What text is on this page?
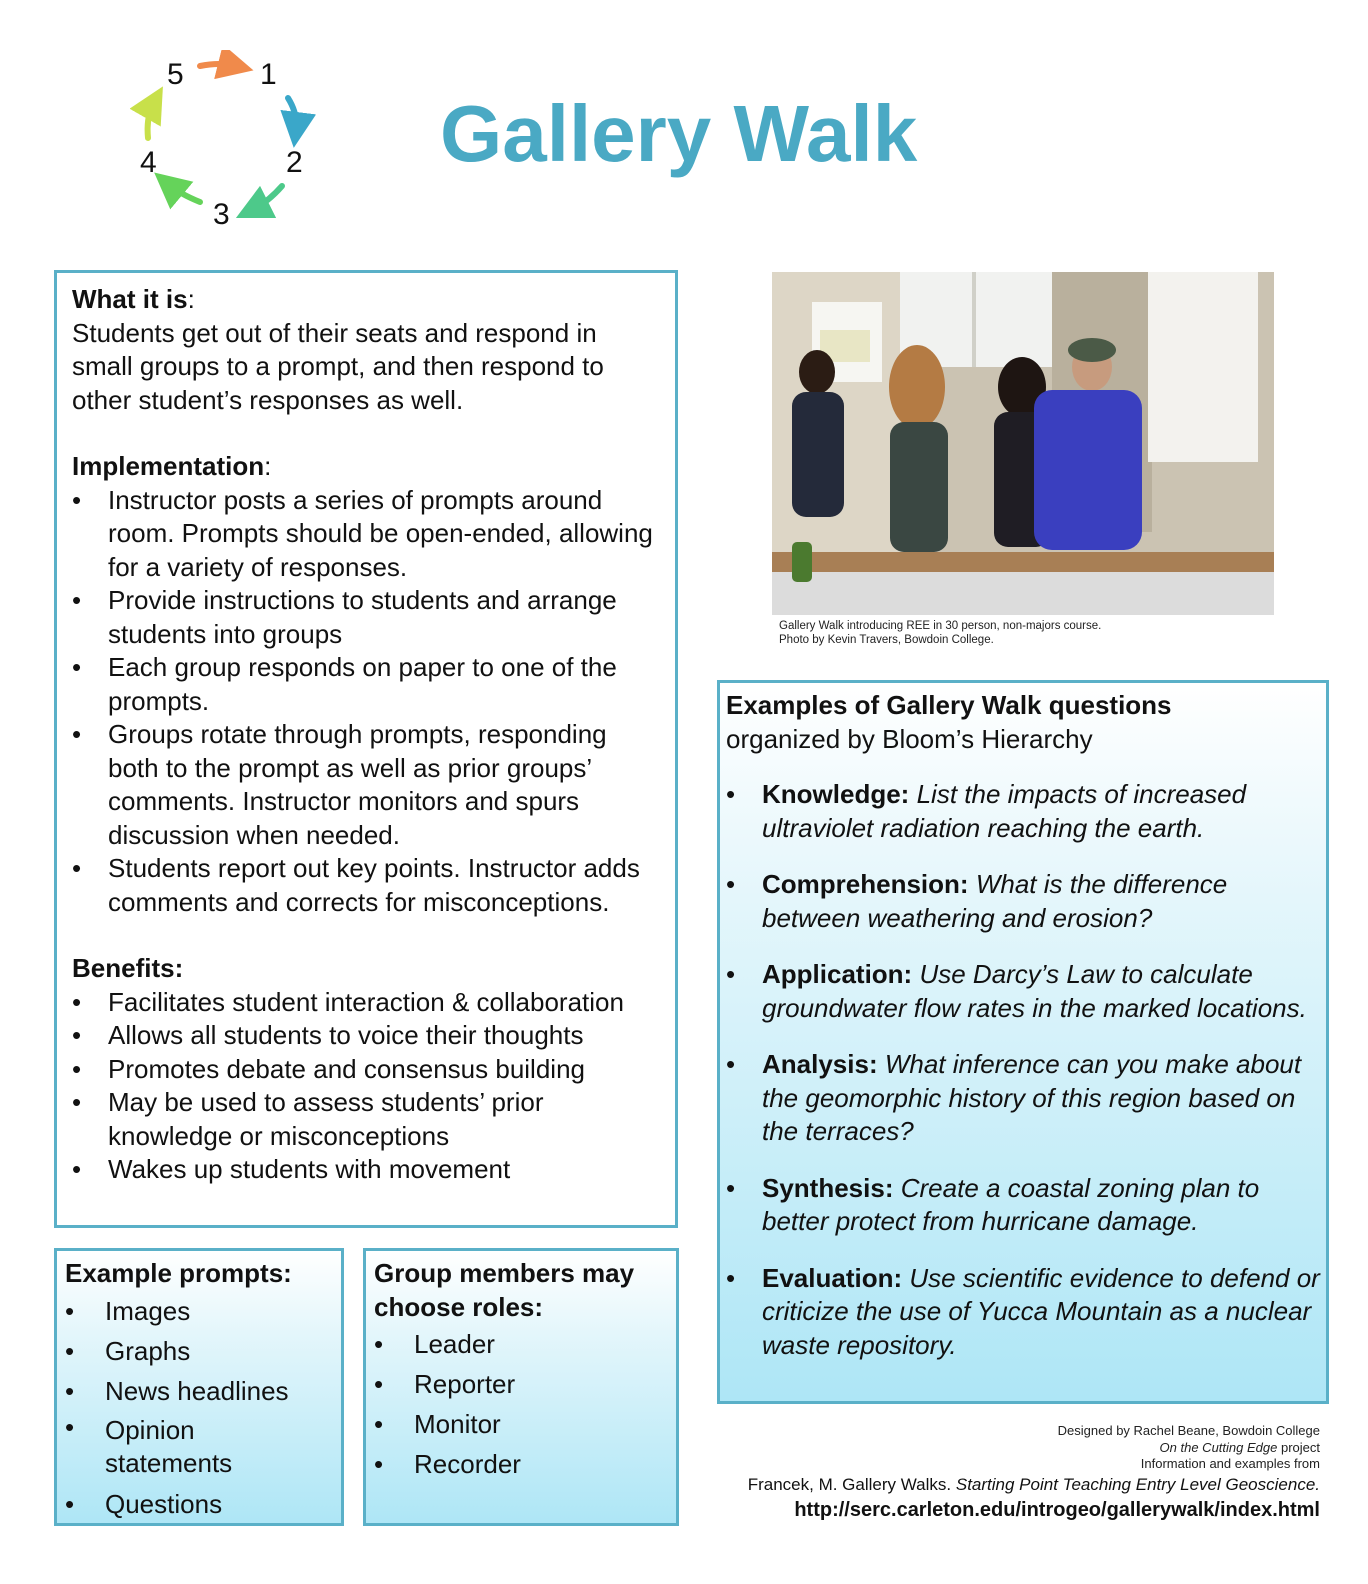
1
2
3
4
5
Gallery Walk
What it is:
Students get out of their seats and respond in small groups to a prompt, and then respond to other student’s responses as well.
Implementation:
• Instructor posts a series of prompts around room. Prompts should be open-ended, allowing for a variety of responses.
• Provide instructions to students and arrange students into groups
• Each group responds on paper to one of the prompts.
• Groups rotate through prompts, responding both to the prompt as well as prior groups’ comments. Instructor monitors and spurs discussion when needed.
• Students report out key points. Instructor adds comments and corrects for misconceptions.
Benefits:
• Facilitates student interaction & collaboration
• Allows all students to voice their thoughts
• Promotes debate and consensus building
• May be used to assess students’ prior knowledge or misconceptions
• Wakes up students with movement
Example prompts:
• Images
• Graphs
• News headlines
• Opinion statements
• Questions
Group members may choose roles:
• Leader
• Reporter
• Monitor
• Recorder
Gallery Walk introducing REE in 30 person, non-majors course.
Photo by Kevin Travers, Bowdoin College.
Examples of Gallery Walk questions
organized by Bloom’s Hierarchy
• Knowledge: List the impacts of increased ultraviolet radiation reaching the earth.
• Comprehension: What is the difference between weathering and erosion?
• Application: Use Darcy’s Law to calculate groundwater flow rates in the marked locations.
• Analysis: What inference can you make about the geomorphic history of this region based on the terraces?
• Synthesis: Create a coastal zoning plan to better protect from hurricane damage.
• Evaluation: Use scientific evidence to defend or criticize the use of Yucca Mountain as a nuclear waste repository.
Designed by Rachel Beane, Bowdoin College
On the Cutting Edge project
Information and examples from
Francek, M. Gallery Walks. Starting Point Teaching Entry Level Geoscience.
http://serc.carleton.edu/introgeo/gallerywalk/index.html
